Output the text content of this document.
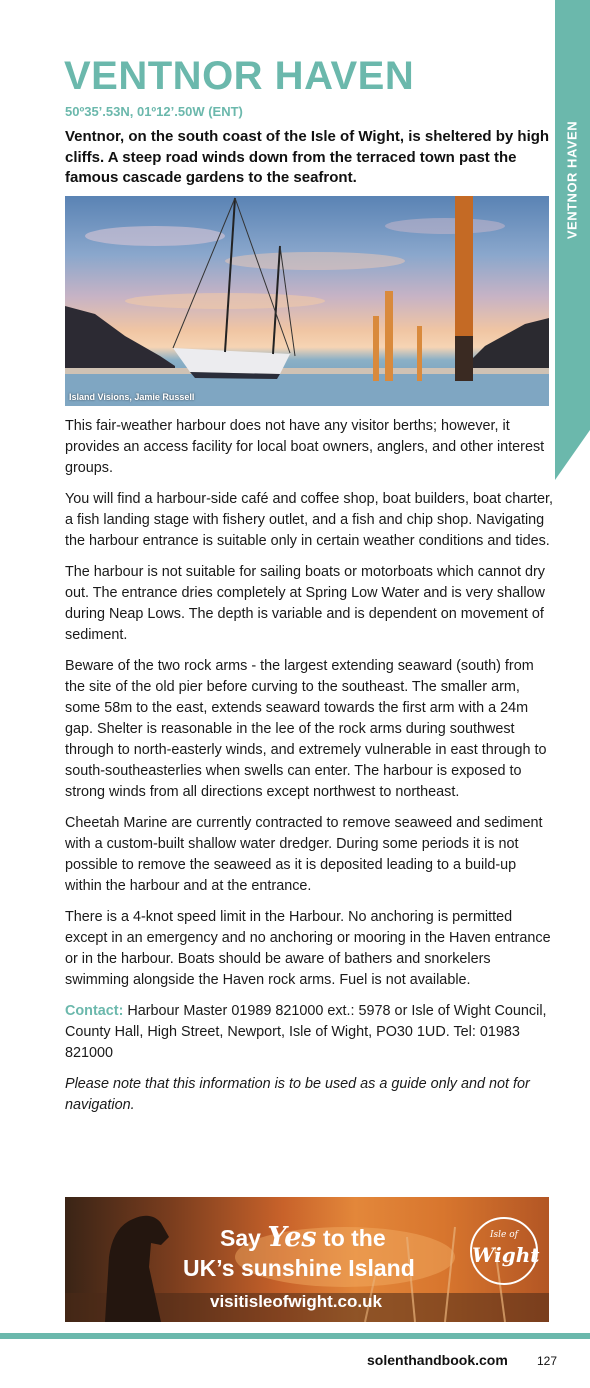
VENTNOR HAVEN
VENTNOR HAVEN

50º35’.53N, 01º12’.50W (ENT)

Ventnor, on the south coast of the Isle of Wight, is sheltered by high cliffs. A steep road winds down from the terraced town past the famous cascade gardens to the seafront.

Island Visions, Jamie Russell

This fair-weather harbour does not have any visitor berths; however, it provides an access facility for local boat owners, anglers, and other interest groups.

You will find a harbour-side café and coffee shop, boat builders, boat charter, a fish landing stage with fishery outlet, and a fish and chip shop. Navigating the harbour entrance is suitable only in certain weather conditions and tides.

The harbour is not suitable for sailing boats or motorboats which cannot dry out. The entrance dries completely at Spring Low Water and is very shallow during Neap Lows. The depth is variable and is dependent on movement of sediment.

Beware of the two rock arms - the largest extending seaward (south) from the site of the old pier before curving to the southeast. The smaller arm, some 58m to the east, extends seaward towards the first arm with a 24m gap. Shelter is reasonable in the lee of the rock arms during southwest through to north-easterly winds, and extremely vulnerable in east through to south-southeasterlies when swells can enter. The harbour is exposed to strong winds from all directions except northwest to northeast.

Cheetah Marine are currently contracted to remove seaweed and sediment with a custom-built shallow water dredger. During some periods it is not possible to remove the seaweed as it is deposited leading to a build-up within the harbour and at the entrance.

There is a 4-knot speed limit in the Harbour. No anchoring is permitted except in an emergency and no anchoring or mooring in the Haven entrance or in the harbour. Boats should be aware of bathers and snorkelers swimming alongside the Haven rock arms. Fuel is not available.

Contact: Harbour Master 01989 821000 ext.: 5978 or Isle of Wight Council, County Hall, High Street, Newport, Isle of Wight, PO30 1UD. Tel: 01983 821000

Please note that this information is to be used as a guide only and not for navigation.

Say Yes to the
UK’s sunshine Island
visitisleofwight.co.uk
Isle of
Wight
solenthandbook.com 127
